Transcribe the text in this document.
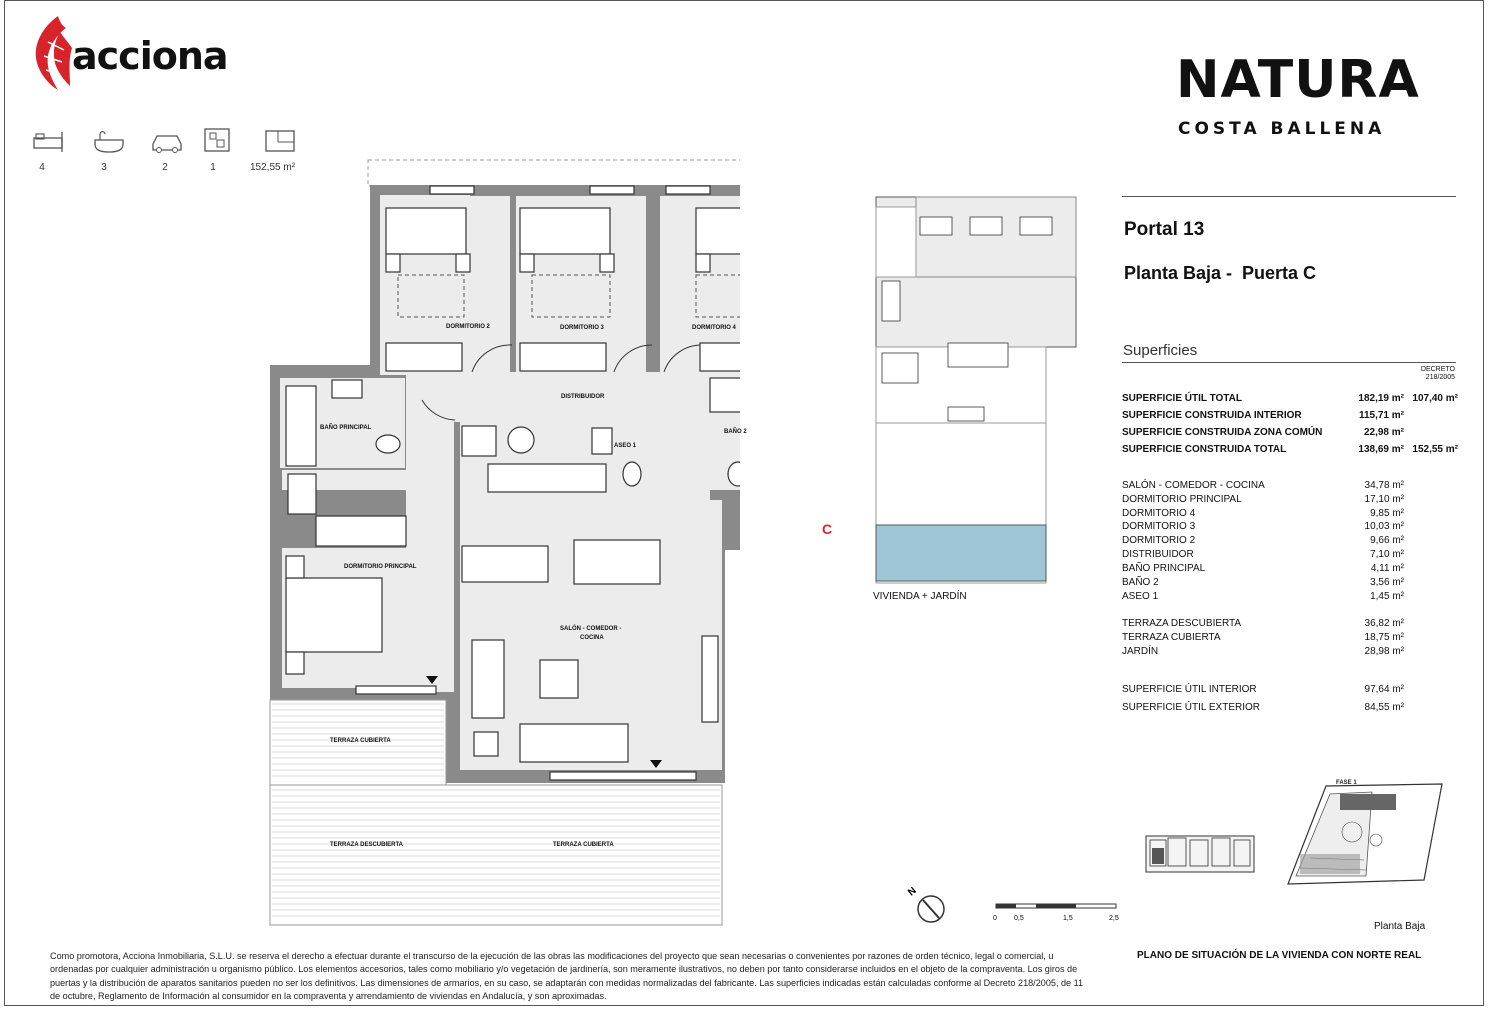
acciona	NATURA
COSTA BALLENA
4	3	2	1	152,55 m²
DORMITORIO 2	DORMITORIO 3	DORMITORIO 4
DISTRIBUIDOR
BAÑO PRINCIPAL
ASEO 1
BAÑO 2
DORMITORIO PRINCIPAL
SALÓN - COMEDOR -
COCINA
TERRAZA CUBIERTA
TERRAZA DESCUBIERTA	TERRAZA CUBIERTA
C
VIVIENDA + JARDÍN
Portal 13
Planta Baja -  Puerta C
Superficies
DECRETO
218/2005
SUPERFICIE ÚTIL TOTAL	182,19 m² 107,40 m²
SUPERFICIE CONSTRUIDA INTERIOR	115,71 m²
SUPERFICIE CONSTRUIDA ZONA COMÚN	22,98 m²
SUPERFICIE CONSTRUIDA TOTAL	138,69 m² 152,55 m²
SALÓN - COMEDOR - COCINA	34,78 m²
DORMITORIO PRINCIPAL	17,10 m²
DORMITORIO 4	9,85 m²
DORMITORIO 3	10,03 m²
DORMITORIO 2	9,66 m²
DISTRIBUIDOR	7,10 m²
BAÑO PRINCIPAL	4,11 m²
BAÑO 2	3,56 m²
ASEO 1	1,45 m²
TERRAZA DESCUBIERTA	36,82 m²
TERRAZA CUBIERTA	18,75 m²
JARDÍN	28,98 m²
SUPERFICIE ÚTIL INTERIOR	97,64 m²
SUPERFICIE ÚTIL EXTERIOR	84,55 m²
FASE 1
Planta Baja
N
0 0,5	1,5	2,5
PLANO DE SITUACIÓN DE LA VIVIENDA CON NORTE REAL
Como promotora, Acciona Inmobiliaria, S.L.U. se reserva el derecho a efectuar durante el transcurso de la ejecución de las obras las modificaciones del proyecto que sean necesarias o convenientes por razones de orden técnico, legal o comercial, u ordenadas por cualquier administración u organismo público. Los elementos accesorios, tales como mobiliario y/o vegetación de jardinería, son meramente ilustrativos, no deben por tanto considerarse incluidos en el objeto de la compraventa. Los giros de puertas y la distribución de aparatos sanitarios pueden no ser los definitivos. Las dimensiones de armarios, en su caso, se adaptarán con medidas normalizadas del fabricante. Las superficies indicadas están calculadas conforme al Decreto 218/2005, de 11 de octubre, Reglamento de Información al consumidor en la compraventa y arrendamiento de viviendas en Andalucía, y son aproximadas.
